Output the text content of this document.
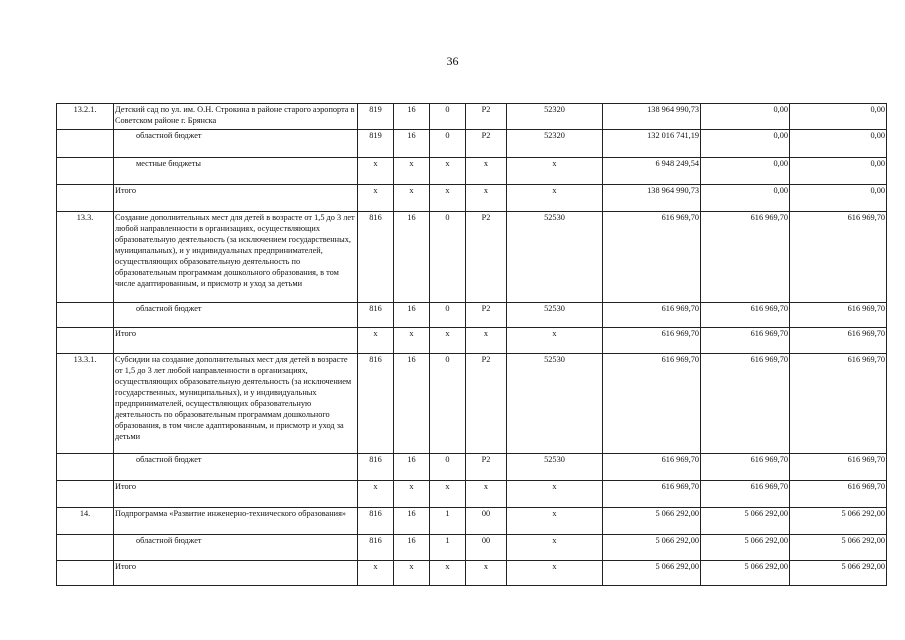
36
13.2.1.	Детский сад по ул. им. О.Н. Строкина в районе старого аэропорта в Советском районе г. Брянска	819	16	0	Р2	52320	138 964 990,73	0,00	0,00
	областной бюджет	819	16	0	Р2	52320	132 016 741,19	0,00	0,00
	местные бюджеты	x	x	x	x	x	6 948 249,54	0,00	0,00
	Итого	x	x	x	x	x	138 964 990,73	0,00	0,00
13.3.	Создание дополнительных мест для детей в возрасте от 1,5 до 3 лет любой направленности в организациях, осуществляющих образовательную деятельность (за исключением государственных, муниципальных), и у индивидуальных предпринимателей, осуществляющих образовательную деятельность по образовательным программам дошкольного образования, в том числе адаптированным, и присмотр и уход за детьми	816	16	0	Р2	52530	616 969,70	616 969,70	616 969,70
	областной бюджет	816	16	0	Р2	52530	616 969,70	616 969,70	616 969,70
	Итого	x	x	x	x	x	616 969,70	616 969,70	616 969,70
13.3.1.	Субсидии на создание дополнительных мест для детей в возрасте от 1,5 до 3 лет любой направленности в организациях, осуществляющих образовательную деятельность (за исключением государственных, муниципальных), и у индивидуальных предпринимателей, осуществляющих образовательную деятельность по образовательным программам дошкольного образования, в том числе адаптированным, и присмотр и уход за детьми	816	16	0	Р2	52530	616 969,70	616 969,70	616 969,70
	областной бюджет	816	16	0	Р2	52530	616 969,70	616 969,70	616 969,70
	Итого	x	x	x	x	x	616 969,70	616 969,70	616 969,70
14.	Подпрограмма «Развитие инженерно-технического образования»	816	16	1	00	x	5 066 292,00	5 066 292,00	5 066 292,00
	областной бюджет	816	16	1	00	x	5 066 292,00	5 066 292,00	5 066 292,00
	Итого	x	x	x	x	x	5 066 292,00	5 066 292,00	5 066 292,00
